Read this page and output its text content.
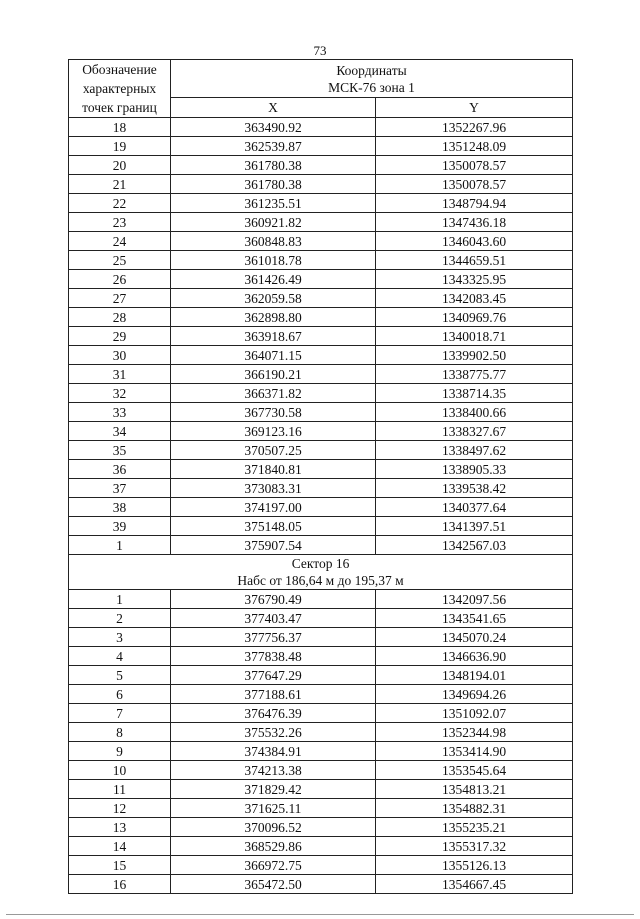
73
Обозначение
характерных
точек границ	Координаты
МСК-76 зона 1	
	X	Y
18	363490.92	1352267.96
19	362539.87	1351248.09
20	361780.38	1350078.57
21	361780.38	1350078.57
22	361235.51	1348794.94
23	360921.82	1347436.18
24	360848.83	1346043.60
25	361018.78	1344659.51
26	361426.49	1343325.95
27	362059.58	1342083.45
28	362898.80	1340969.76
29	363918.67	1340018.71
30	364071.15	1339902.50
31	366190.21	1338775.77
32	366371.82	1338714.35
33	367730.58	1338400.66
34	369123.16	1338327.67
35	370507.25	1338497.62
36	371840.81	1338905.33
37	373083.31	1339538.42
38	374197.00	1340377.64
39	375148.05	1341397.51
1	375907.54	1342567.03
Сектор 16
Набс от 186,64 м до 195,37 м		
1	376790.49	1342097.56
2	377403.47	1343541.65
3	377756.37	1345070.24
4	377838.48	1346636.90
5	377647.29	1348194.01
6	377188.61	1349694.26
7	376476.39	1351092.07
8	375532.26	1352344.98
9	374384.91	1353414.90
10	374213.38	1353545.64
11	371829.42	1354813.21
12	371625.11	1354882.31
13	370096.52	1355235.21
14	368529.86	1355317.32
15	366972.75	1355126.13
16	365472.50	1354667.45
